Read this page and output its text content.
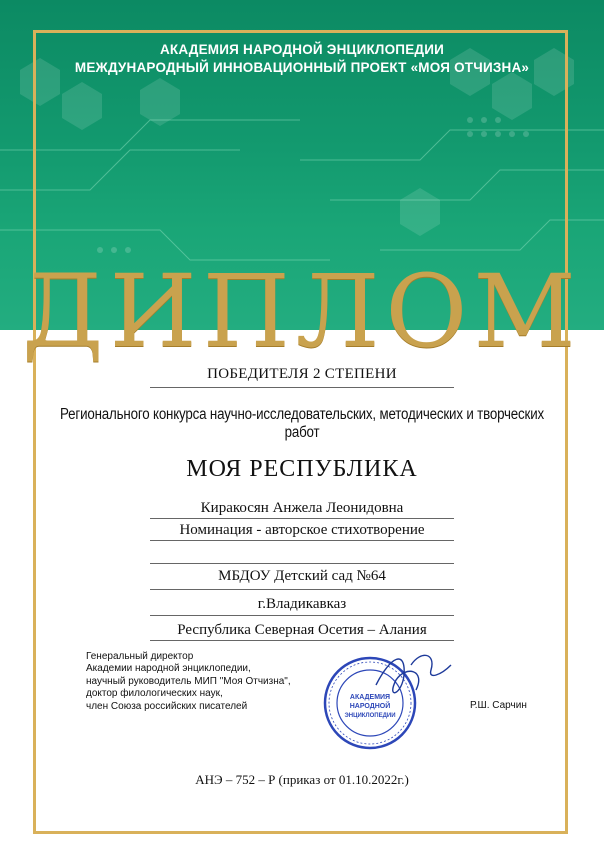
АКАДЕМИЯ НАРОДНОЙ ЭНЦИКЛОПЕДИИ
МЕЖДУНАРОДНЫЙ ИННОВАЦИОННЫЙ ПРОЕКТ «МОЯ ОТЧИЗНА»
ДИПЛОМ
ПОБЕДИТЕЛЯ 2 СТЕПЕНИ
Регионального конкурса научно-исследовательских, методических и творческих работ
МОЯ РЕСПУБЛИКА
Киракосян Анжела Леонидовна
Номинация - авторское стихотворение
МБДОУ Детский сад №64
г.Владикавказ
Республика Северная Осетия – Алания
Генеральный директор
Академии народной энциклопедии,
научный руководитель МИП "Моя Отчизна",
доктор филологических наук,
член Союза российских писателей
АКАДЕМИЯ
НАРОДНОЙ
ЭНЦИКЛОПЕДИИ
Р.Ш. Сарчин
АНЭ – 752 – Р (приказ от 01.10.2022г.)
